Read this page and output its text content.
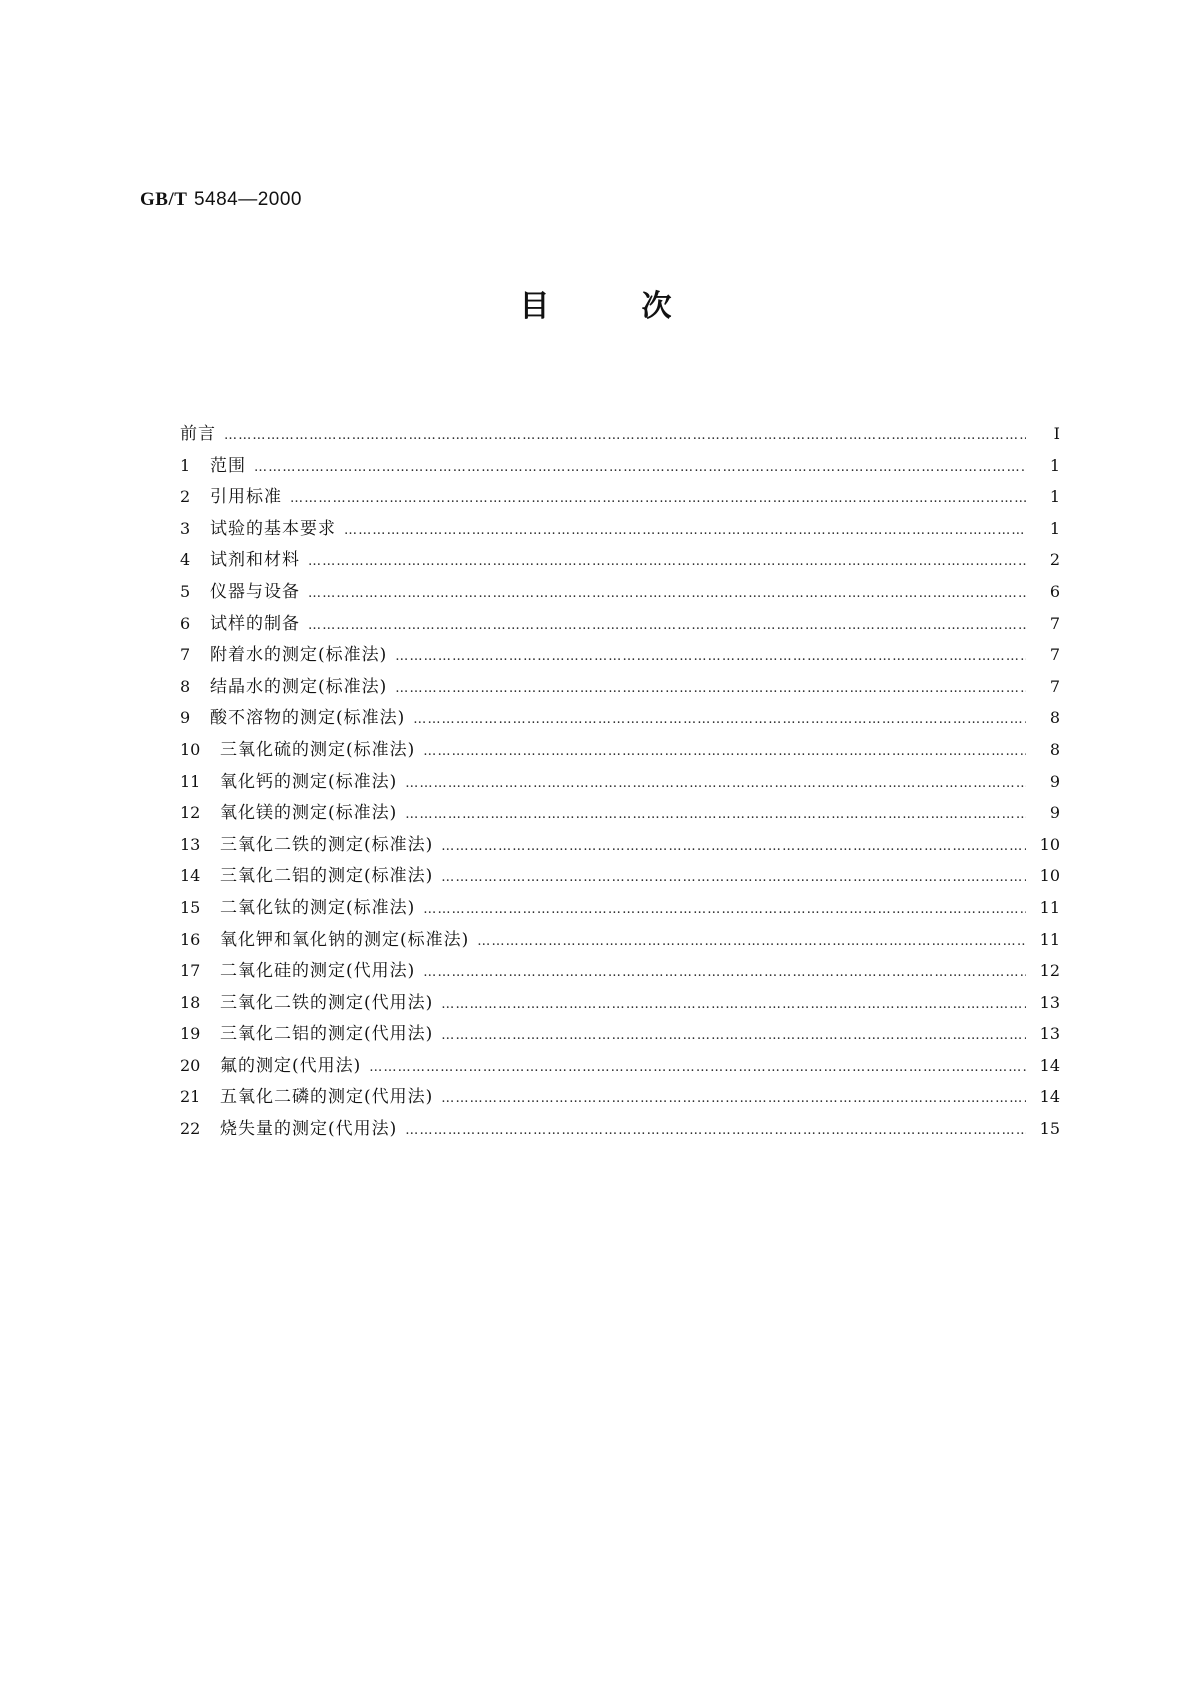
GB/T 5484—2000
目	次
前言 ……………………………………………………………………………………………………………………………………………………………………………………………………………………	Ⅰ
1	范围 ……………………………………………………………………………………………………………………………………………………………………………………………………………………	1
2	引用标准 ……………………………………………………………………………………………………………………………………………………………………………………………………………………	1
3	试验的基本要求 ……………………………………………………………………………………………………………………………………………………………………………………………………………………	1
4	试剂和材料 ……………………………………………………………………………………………………………………………………………………………………………………………………………………	2
5	仪器与设备 ……………………………………………………………………………………………………………………………………………………………………………………………………………………	6
6	试样的制备 ……………………………………………………………………………………………………………………………………………………………………………………………………………………	7
7	附着水的测定(标准法) ……………………………………………………………………………………………………………………………………………………………………………………………………………………	7
8	结晶水的测定(标准法) ……………………………………………………………………………………………………………………………………………………………………………………………………………………	7
9	酸不溶物的测定(标准法) ……………………………………………………………………………………………………………………………………………………………………………………………………………………	8
10	三氧化硫的测定(标准法) ……………………………………………………………………………………………………………………………………………………………………………………………………………………	8
11	氧化钙的测定(标准法) ……………………………………………………………………………………………………………………………………………………………………………………………………………………	9
12	氧化镁的测定(标准法) ……………………………………………………………………………………………………………………………………………………………………………………………………………………	9
13	三氧化二铁的测定(标准法) ……………………………………………………………………………………………………………………………………………………………………………………………………………………	10
14	三氧化二铝的测定(标准法) ……………………………………………………………………………………………………………………………………………………………………………………………………………………	10
15	二氧化钛的测定(标准法) ……………………………………………………………………………………………………………………………………………………………………………………………………………………	11
16	氧化钾和氧化钠的测定(标准法) ……………………………………………………………………………………………………………………………………………………………………………………………………………………	11
17	二氧化硅的测定(代用法) ……………………………………………………………………………………………………………………………………………………………………………………………………………………	12
18	三氧化二铁的测定(代用法) ……………………………………………………………………………………………………………………………………………………………………………………………………………………	13
19	三氧化二铝的测定(代用法) ……………………………………………………………………………………………………………………………………………………………………………………………………………………	13
20	氟的测定(代用法) ……………………………………………………………………………………………………………………………………………………………………………………………………………………	14
21	五氧化二磷的测定(代用法) ……………………………………………………………………………………………………………………………………………………………………………………………………………………	14
22	烧失量的测定(代用法) ……………………………………………………………………………………………………………………………………………………………………………………………………………………	15
